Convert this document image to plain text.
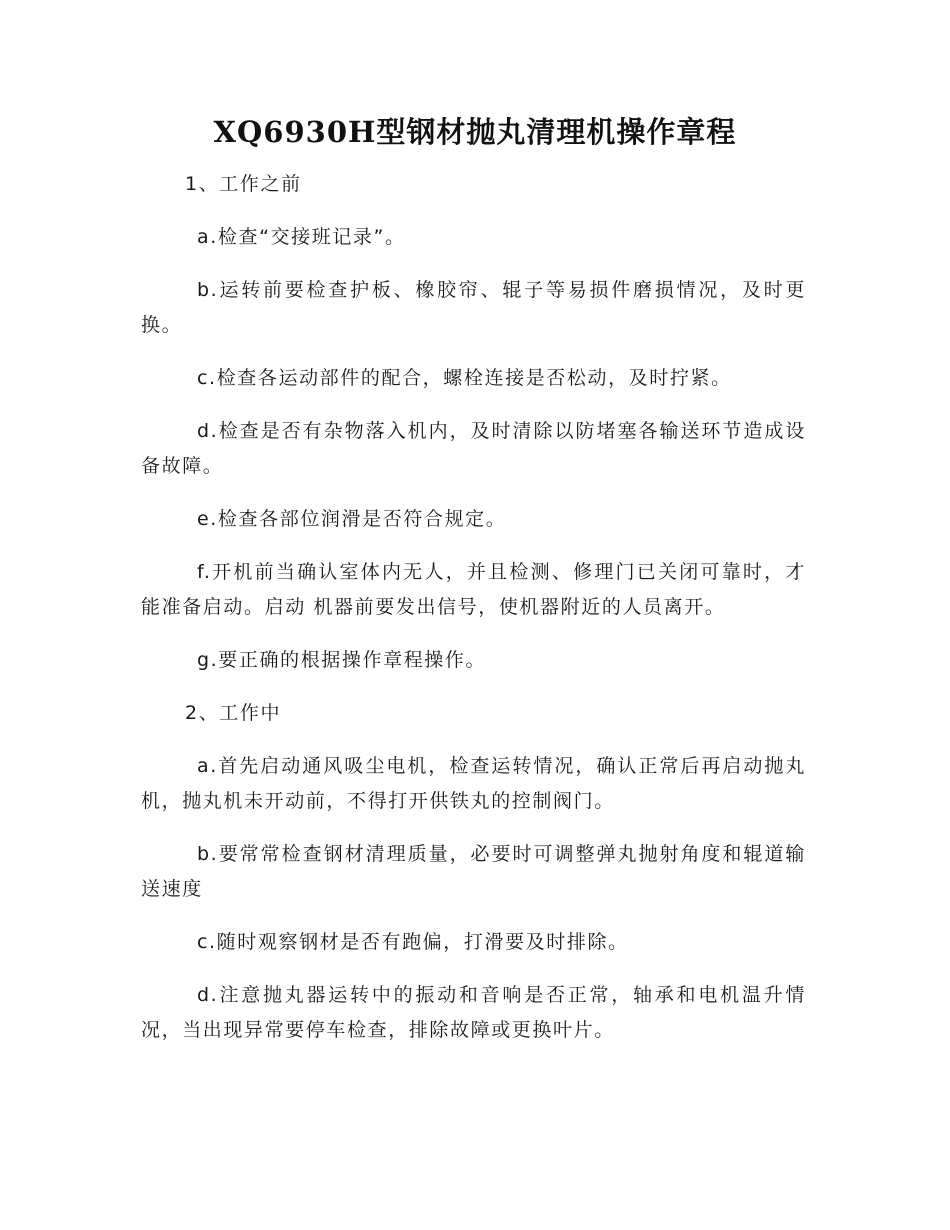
XQ6930H型钢材抛丸清理机操作章程

1、工作之前

a.检查“交接班记录”。

b.运转前要检查护板、橡胶帘、辊子等易损件磨损情况，及时更换。

c.检查各运动部件的配合，螺栓连接是否松动，及时拧紧。

d.检查是否有杂物落入机内，及时清除以防堵塞各输送环节造成设备故障。

e.检查各部位润滑是否符合规定。

f.开机前当确认室体内无人，并且检测、修理门已关闭可靠时，才能准备启动。启动 机器前要发出信号，使机器附近的人员离开。

g.要正确的根据操作章程操作。

2、工作中

a.首先启动通风吸尘电机，检查运转情况，确认正常后再启动抛丸机，抛丸机未开动前，不得打开供铁丸的控制阀门。

b.要常常检查钢材清理质量，必要时可调整弹丸抛射角度和辊道输送速度

c.随时观察钢材是否有跑偏，打滑要及时排除。

d.注意抛丸器运转中的振动和音响是否正常，轴承和电机温升情况，当出现异常要停车检查，排除故障或更换叶片。
